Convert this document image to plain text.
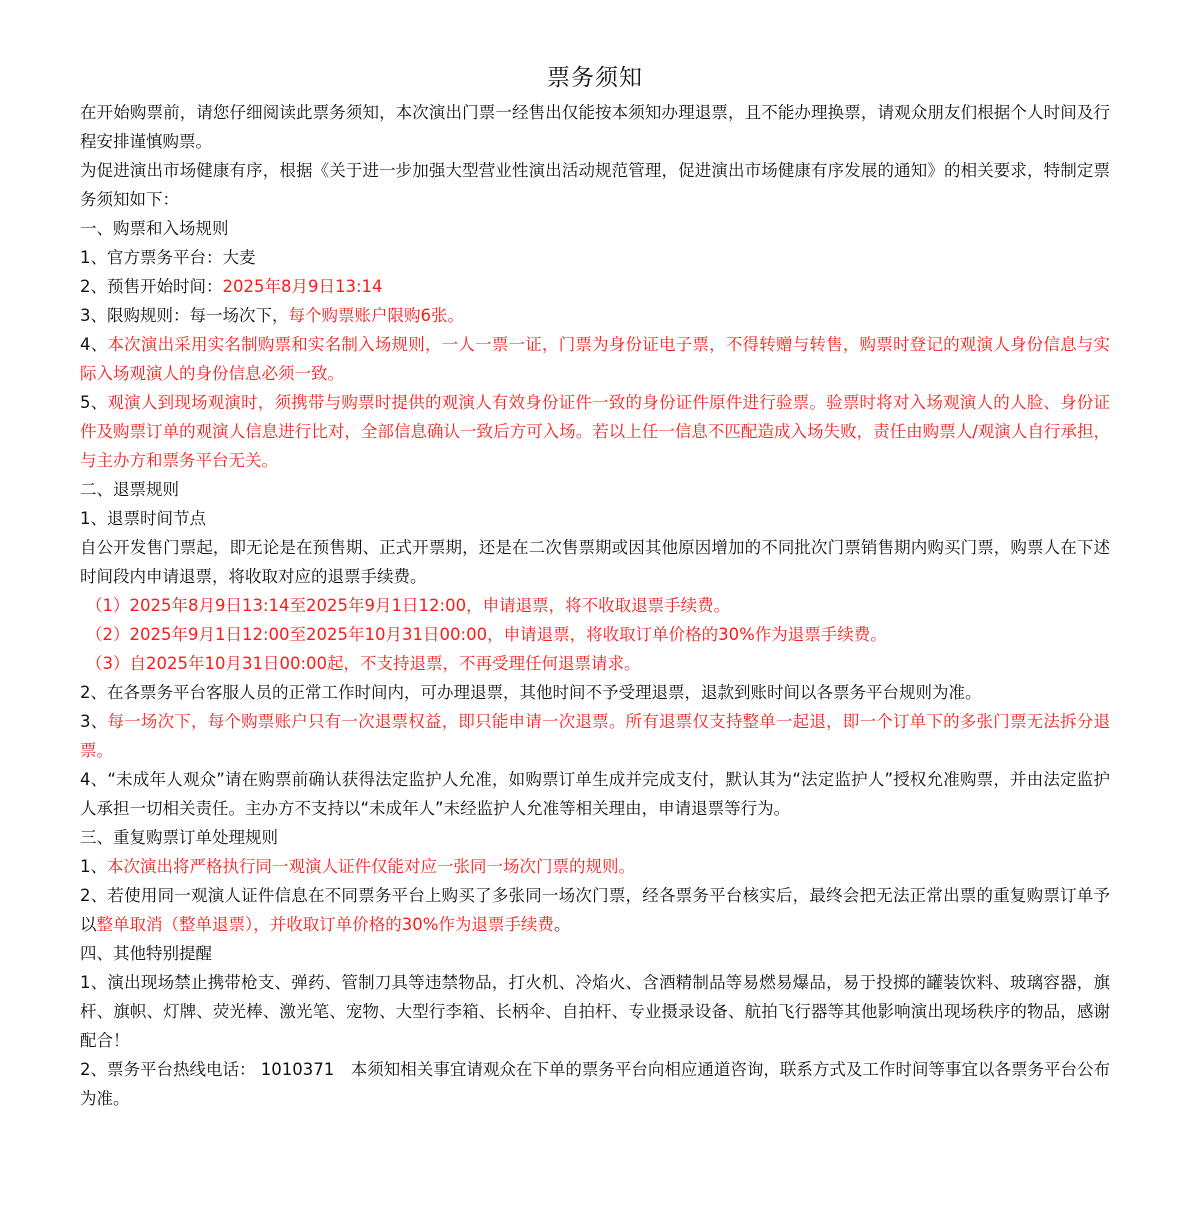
票务须知

在开始购票前，请您仔细阅读此票务须知，本次演出门票一经售出仅能按本须知办理退票，且不能办理换票，请观众朋友们根据个人时间及行程安排谨慎购票。

为促进演出市场健康有序，根据《关于进一步加强大型营业性演出活动规范管理，促进演出市场健康有序发展的通知》的相关要求，特制定票务须知如下：

一、购票和入场规则

1、官方票务平台：大麦

2、预售开始时间：2025年8月9日13:14

3、限购规则：每一场次下，每个购票账户限购6张。

4、本次演出采用实名制购票和实名制入场规则，一人一票一证，门票为身份证电子票，不得转赠与转售，购票时登记的观演人身份信息与实际入场观演人的身份信息必须一致。

5、观演人到现场观演时，须携带与购票时提供的观演人有效身份证件一致的身份证件原件进行验票。验票时将对入场观演人的人脸、身份证件及购票订单的观演人信息进行比对，全部信息确认一致后方可入场。若以上任一信息不匹配造成入场失败，责任由购票人/观演人自行承担，与主办方和票务平台无关。

二、退票规则

1、退票时间节点

自公开发售门票起，即无论是在预售期、正式开票期，还是在二次售票期或因其他原因增加的不同批次门票销售期内购买门票，购票人在下述时间段内申请退票，将收取对应的退票手续费。

（1）2025年8月9日13:14至2025年9月1日12:00，申请退票，将不收取退票手续费。

（2）2025年9月1日12:00至2025年10月31日00:00，申请退票，将收取订单价格的30%作为退票手续费。

（3）自2025年10月31日00:00起，不支持退票，不再受理任何退票请求。

2、在各票务平台客服人员的正常工作时间内，可办理退票，其他时间不予受理退票，退款到账时间以各票务平台规则为准。

3、每一场次下，每个购票账户只有一次退票权益，即只能申请一次退票。所有退票仅支持整单一起退，即一个订单下的多张门票无法拆分退票。

4、“未成年人观众”请在购票前确认获得法定监护人允准，如购票订单生成并完成支付，默认其为“法定监护人”授权允准购票，并由法定监护人承担一切相关责任。主办方不支持以“未成年人”未经监护人允准等相关理由，申请退票等行为。

三、重复购票订单处理规则

1、本次演出将严格执行同一观演人证件仅能对应一张同一场次门票的规则。

2、若使用同一观演人证件信息在不同票务平台上购买了多张同一场次门票，经各票务平台核实后，最终会把无法正常出票的重复购票订单予以整单取消（整单退票），并收取订单价格的30%作为退票手续费。

四、其他特别提醒

1、演出现场禁止携带枪支、弹药、管制刀具等违禁物品，打火机、冷焰火、含酒精制品等易燃易爆品，易于投掷的罐装饮料、玻璃容器，旗杆、旗帜、灯牌、荧光棒、激光笔、宠物、大型行李箱、长柄伞、自拍杆、专业摄录设备、航拍飞行器等其他影响演出现场秩序的物品，感谢配合！

2、票务平台热线电话： 1010371　本须知相关事宜请观众在下单的票务平台向相应通道咨询，联系方式及工作时间等事宜以各票务平台公布为准。
